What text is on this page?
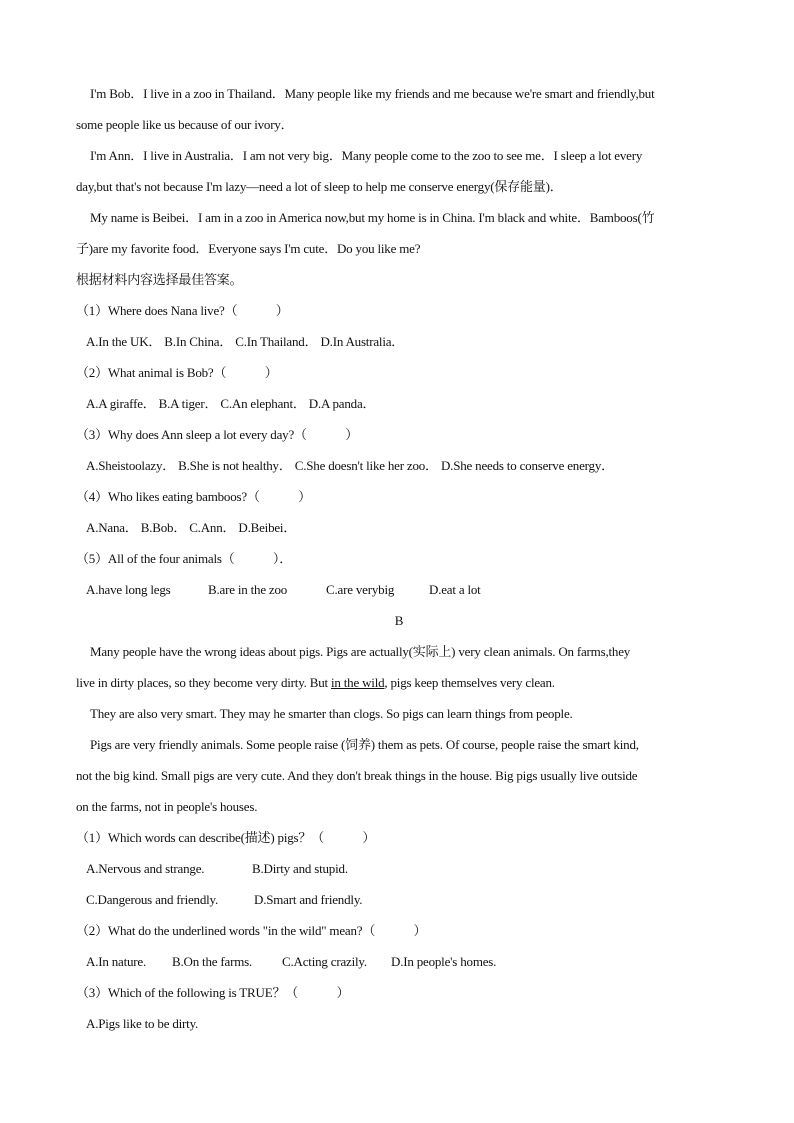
I'm Bob．I live in a zoo in Thailand．Many people like my friends and me because we're smart and friendly,but
some people like us because of our ivory．
I'm Ann．I live in Australia．I am not very big．Many people come to the zoo to see me．I sleep a lot every
day,but that's not because I'm lazy—need a lot of sleep to help me conserve energy(保存能量)．
My name is Beibei．I am in a zoo in America now,but my home is in China. I'm black and white．Bamboos(竹
子)are my favorite food．Everyone says I'm cute．Do you like me?
根据材料内容选择最佳答案。
（1）Where does Nana live?（　　　）
A.In the UK． B.In China． C.In Thailand． D.In Australia．
（2）What animal is Bob?（　　　）
A.A giraffe． B.A tiger． C.An elephant． D.A panda．
（3）Why does Ann sleep a lot every day?（　　　）
A.Sheistoolazy． B.She is not healthy． C.She doesn't like her zoo． D.She needs to conserve energy．
（4）Who likes eating bamboos?（　　　）
A.Nana． B.Bob． C.Ann． D.Beibei．
（5）All of the four animals（　　　）．
A.have long legs	B.are in the zoo	C.are verybig	D.eat a lot
B
Many people have the wrong ideas about pigs. Pigs are actually(实际上) very clean animals. On farms,they
live in dirty places, so they become very dirty. But in the wild, pigs keep themselves very clean.
They are also very smart. They may he smarter than clogs. So pigs can learn things from people.
Pigs are very friendly animals. Some people raise (饲养) them as pets. Of course, people raise the smart kind,
not the big kind. Small pigs are very cute. And they don't break things in the house. Big pigs usually live outside
on the farms, not in people's houses.
（1）Which words can describe(描述) pigs？（　　　）
A.Nervous and strange.	B.Dirty and stupid.
C.Dangerous and friendly.	D.Smart and friendly.
（2）What do the underlined words "in the wild" mean?（　　　）
A.In nature. B.On the farms. C.Acting crazily. D.In people's homes.
（3）Which of the following is TRUE？（　　　）
A.Pigs like to be dirty.
